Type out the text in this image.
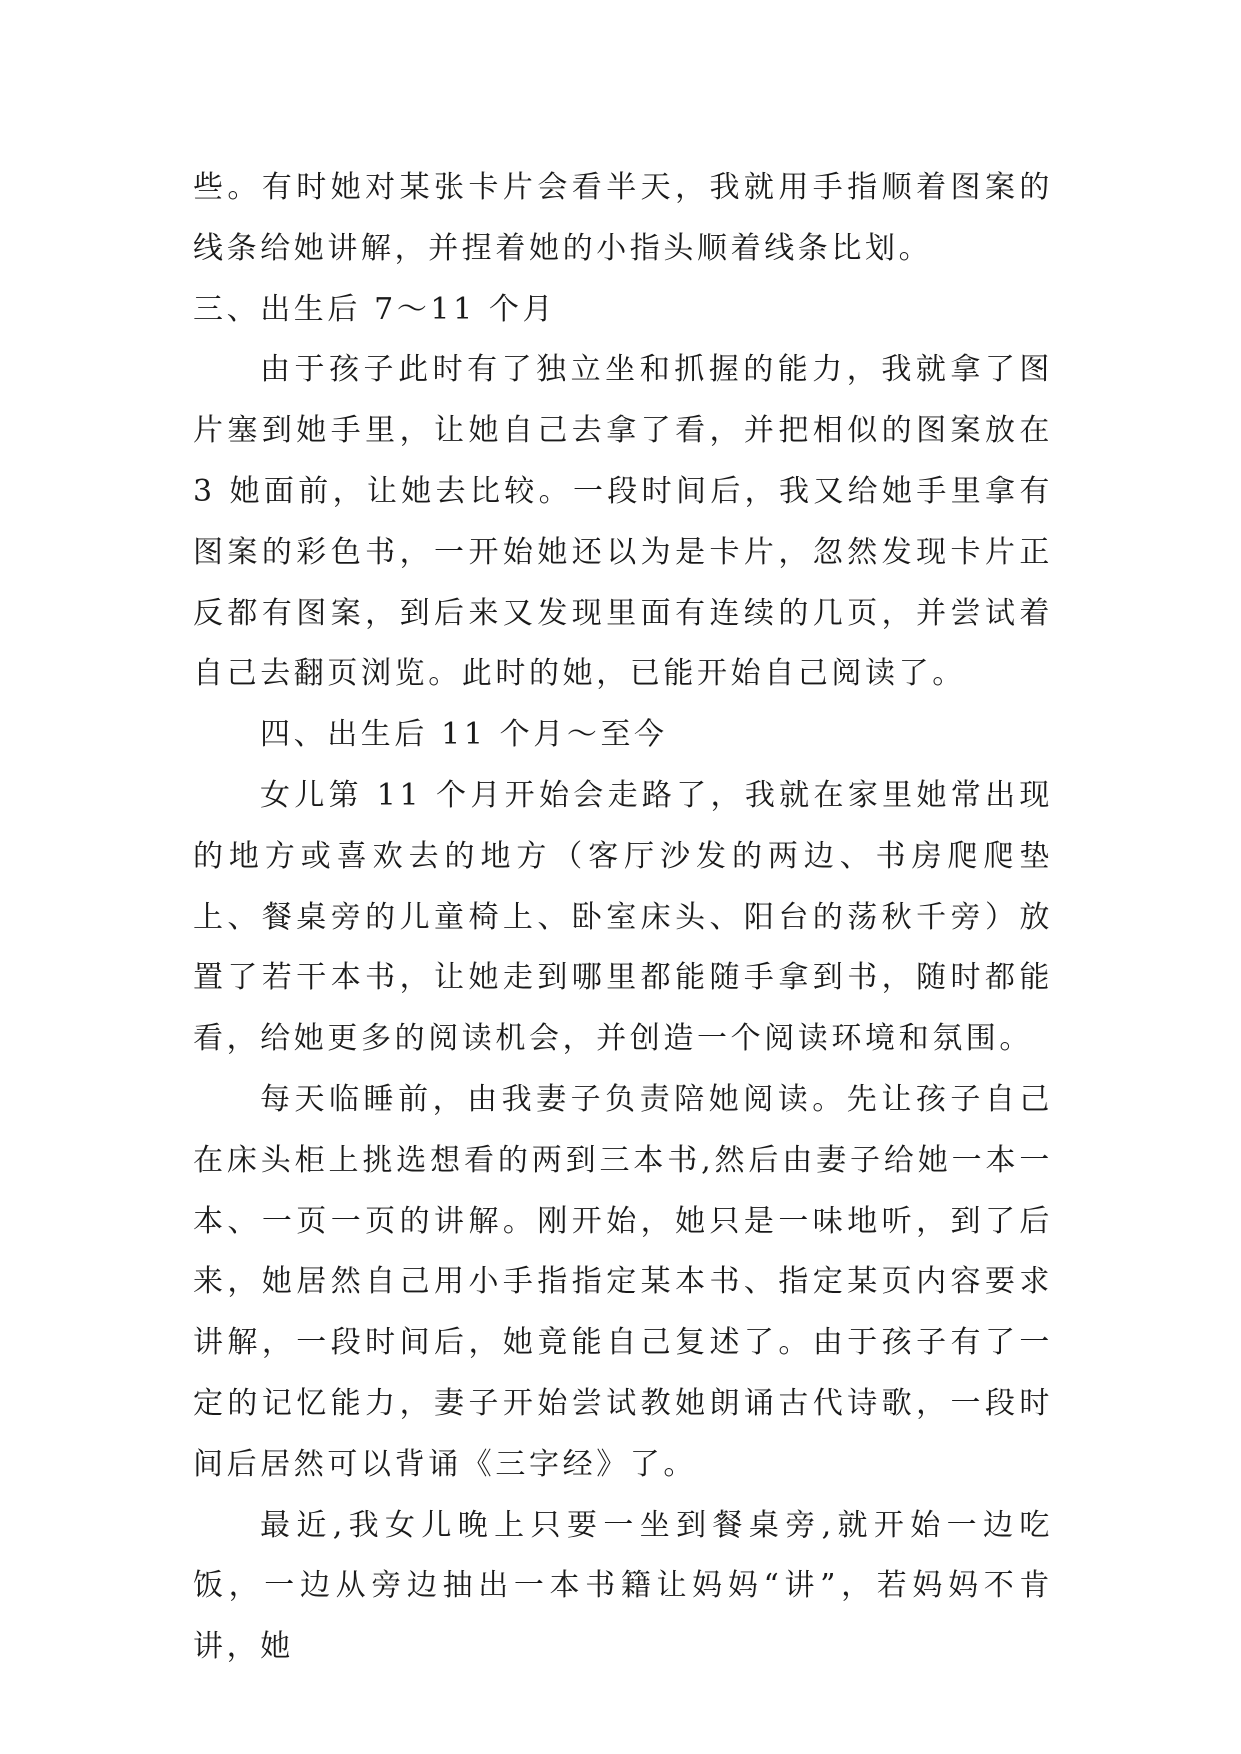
些。有时她对某张卡片会看半天，我就用手指顺着图案的线条给她讲解，并捏着她的小指头顺着线条比划。

三、出生后 7～11 个月

由于孩子此时有了独立坐和抓握的能力，我就拿了图片塞到她手里，让她自己去拿了看，并把相似的图案放在 3 她面前，让她去比较。一段时间后，我又给她手里拿有图案的彩色书，一开始她还以为是卡片，忽然发现卡片正反都有图案，到后来又发现里面有连续的几页，并尝试着自己去翻页浏览。此时的她，已能开始自己阅读了。

四、出生后 11 个月～至今

女儿第 11 个月开始会走路了，我就在家里她常出现的地方或喜欢去的地方（客厅沙发的两边、书房爬爬垫上、餐桌旁的儿童椅上、卧室床头、阳台的荡秋千旁）放置了若干本书，让她走到哪里都能随手拿到书，随时都能看，给她更多的阅读机会，并创造一个阅读环境和氛围。

每天临睡前，由我妻子负责陪她阅读。先让孩子自己在床头柜上挑选想看的两到三本书,然后由妻子给她一本一本、一页一页的讲解。刚开始，她只是一味地听，到了后来，她居然自己用小手指指定某本书、指定某页内容要求讲解，一段时间后，她竟能自己复述了。由于孩子有了一定的记忆能力，妻子开始尝试教她朗诵古代诗歌，一段时间后居然可以背诵《三字经》了。

最近,我女儿晚上只要一坐到餐桌旁,就开始一边吃饭，一边从旁边抽出一本书籍让妈妈“讲”，若妈妈不肯讲，她
